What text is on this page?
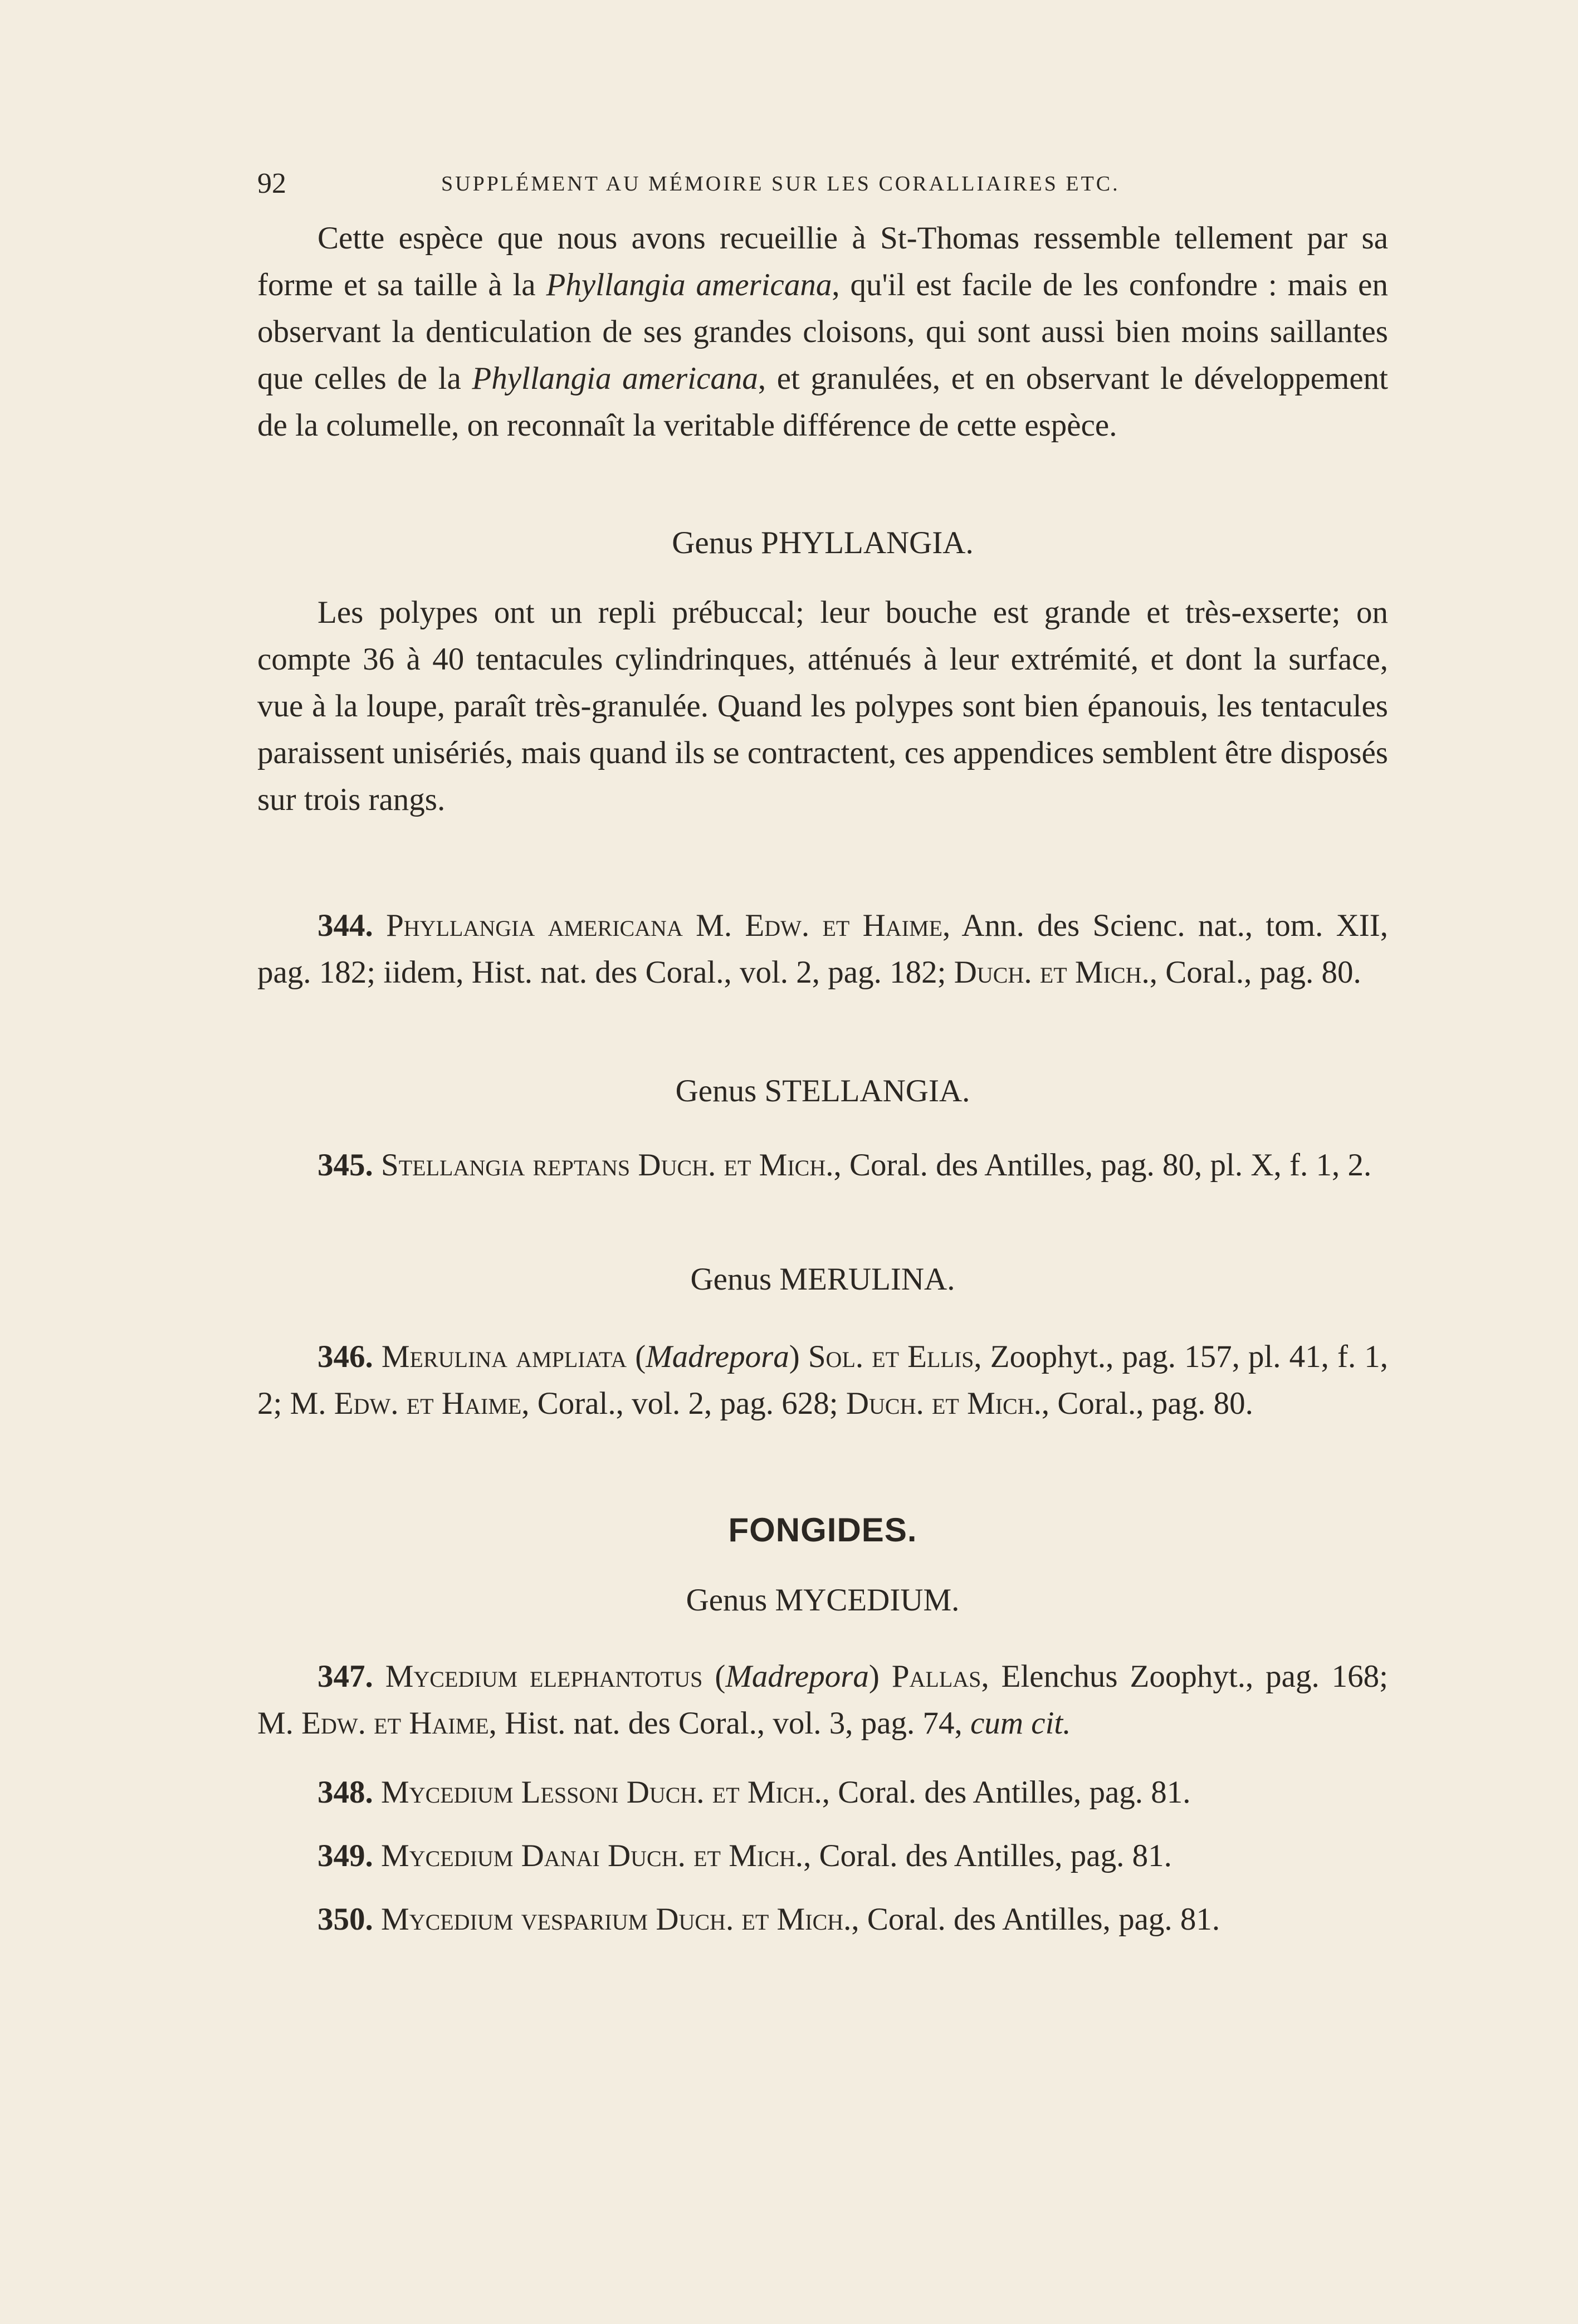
92	SUPPLÉMENT AU MÉMOIRE SUR LES CORALLIAIRES ETC.

Cette espèce que nous avons recueillie à St-Thomas ressemble tellement par sa forme et sa taille à la Phyllangia americana, qu'il est facile de les confondre : mais en observant la denticulation de ses grandes cloisons, qui sont aussi bien moins saillantes que celles de la Phyllangia americana, et granulées, et en observant le développement de la columelle, on reconnaît la veritable différence de cette espèce.

Genus PHYLLANGIA.

Les polypes ont un repli prébuccal; leur bouche est grande et très-exserte; on compte 36 à 40 tentacules cylindrinques, atténués à leur extrémité, et dont la surface, vue à la loupe, paraît très-granulée. Quand les polypes sont bien épanouis, les tentacules paraissent unisériés, mais quand ils se contractent, ces appendices semblent être disposés sur trois rangs.

344. Phyllangia americana M. Edw. et Haime, Ann. des Scienc. nat., tom. XII, pag. 182; iidem, Hist. nat. des Coral., vol. 2, pag. 182; Duch. et Mich., Coral., pag. 80.

Genus STELLANGIA.

345. Stellangia reptans Duch. et Mich., Coral. des Antilles, pag. 80, pl. X, f. 1, 2.

Genus MERULINA.

346. Merulina ampliata (Madrepora) Sol. et Ellis, Zoophyt., pag. 157, pl. 41, f. 1, 2; M. Edw. et Haime, Coral., vol. 2, pag. 628; Duch. et Mich., Coral., pag. 80.

FONGIDES.
Genus MYCEDIUM.

347. Mycedium elephantotus (Madrepora) Pallas, Elenchus Zoophyt., pag. 168; M. Edw. et Haime, Hist. nat. des Coral., vol. 3, pag. 74, cum cit.

348. Mycedium Lessoni Duch. et Mich., Coral. des Antilles, pag. 81.

349. Mycedium Danai Duch. et Mich., Coral. des Antilles, pag. 81.

350. Mycedium vesparium Duch. et Mich., Coral. des Antilles, pag. 81.
